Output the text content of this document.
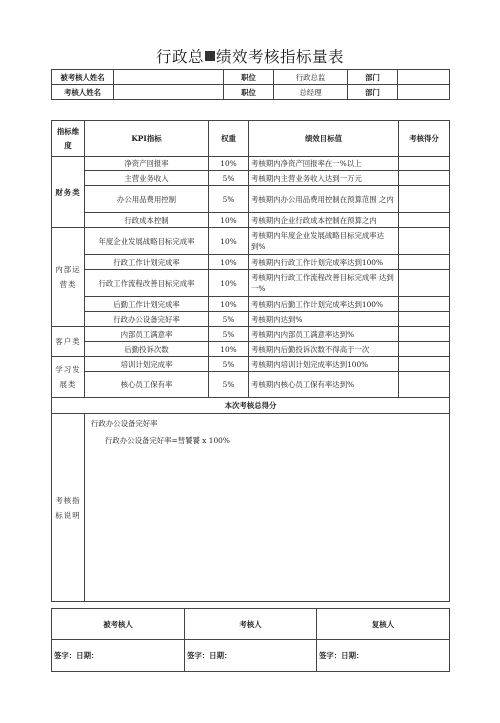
行政总 绩效考核指标量表
被考核人姓名		职位	行政总监	部门	
考核人姓名		职位	总经理	部门	
指标维度	KPI指标	权重	绩效目标值	考核得分
财务类	净资产回报率	10%	考核期内净资产回报率在一%以上	
	主营业务收入	5%	考核期内主营业务收入达到一万元	
	办公用品费用控制	5%	考核期内办公用品费用控制在预算范围 之内	
	行政成本控制	10%	考核期内企业行政成本控制在预算之内	
内部运营类	年度企业发展战略目标完成率	10%	考核期内年度企业发展战略目标完成率达到%	
	行政工作计划完成率	10%	考核期内行政工作计划完成率达到100%	
	行政工作流程改善目标完成率	10%	考核期内行政工作流程改善目标完成率 达到一%	
	后勤工作计划完成率	10%	考核期内后勤工作计划完成率达到100%	
	行政办公设备完好率	5%	考核期内达到%	
客户类	内部员工满意率	5%	考核期内内部员工满意率达到%	
	后勤投诉次数	10%	考核期内后勤投诉次数不得高于一次	
学习发展类	培训计划完成率	5%	考核期内培训计划完成率达到100%	
	核心员工保有率	5%	考核期内核心员工保有率达到%	
本次考核总得分				
考核指标说明	行政办公设备完好率
行政办公设备完好率=彗饕饕 x 100%			
被考核人	考核人	复核人
签字：日期：	签字：日期：	签字：日期：
